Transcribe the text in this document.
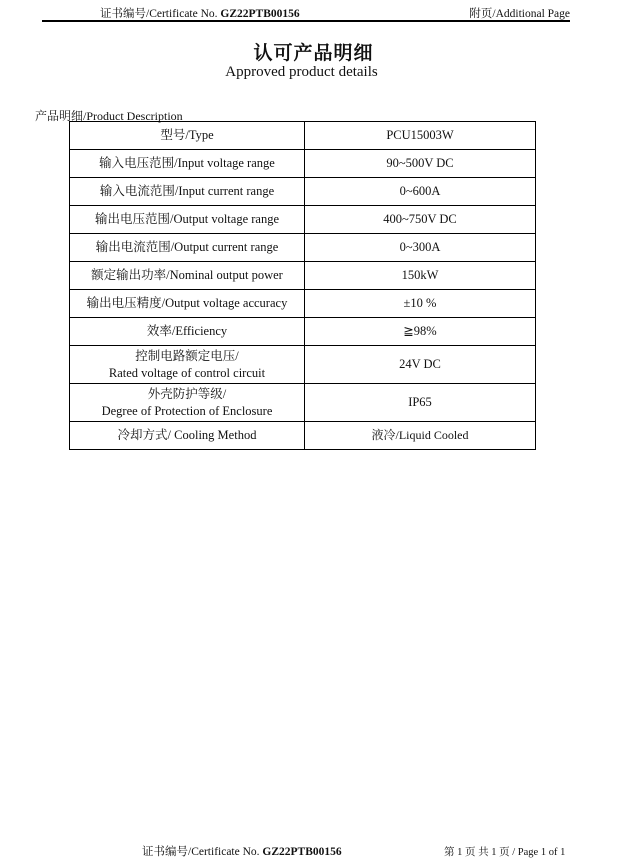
证书编号/Certificate No. GZ22PTB00156	附页/Additional Page
认可产品明细
Approved product details
产品明细/Product Description
型号/Type	PCU15003W
输入电压范围/Input voltage range	90~500V DC
输入电流范围/Input current range	0~600A
输出电压范围/Output voltage range	400~750V DC
输出电流范围/Output current range	0~300A
额定输出功率/Nominal output power	150kW
输出电压精度/Output voltage accuracy	±10 %
效率/Efficiency	≧98%

控制电路额定电压/
Rated voltage of control circuit	24V DC

外壳防护等级/
Degree of Protection of Enclosure	IP65
冷却方式/ Cooling Method	液冷/Liquid Cooled
证书编号/Certificate No. GZ22PTB00156	第 1 页 共 1 页 / Page 1 of 1
